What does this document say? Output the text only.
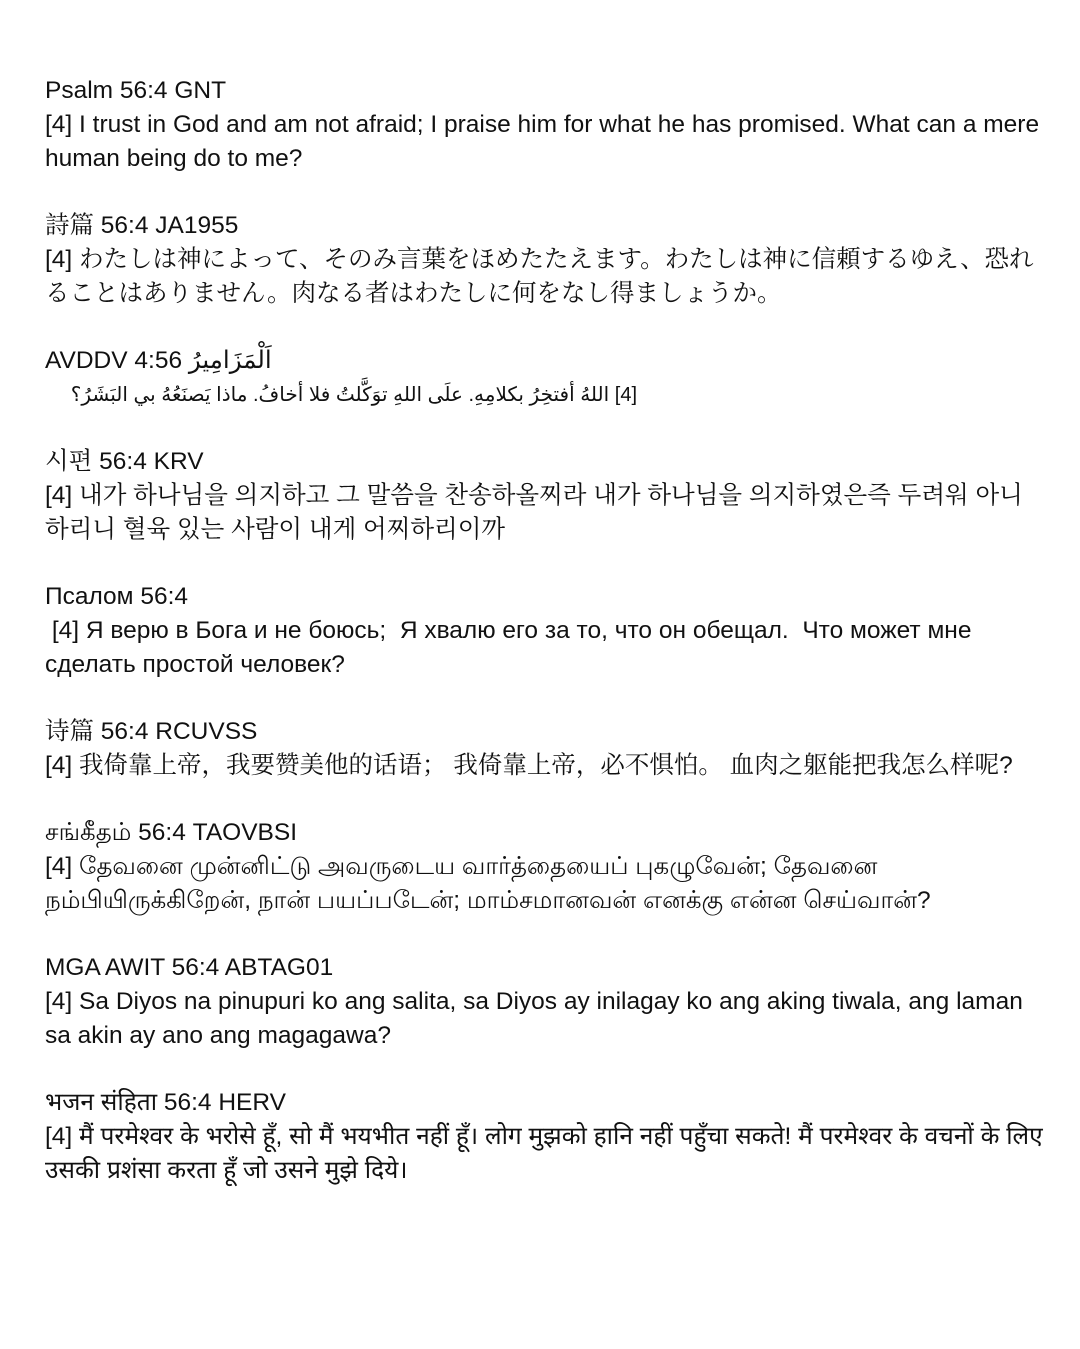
Psalm 56:4 GNT

[4] I trust in God and am not afraid; I praise him for what he has promised. What can a mere human being do to me?

詩篇 56:4 JA1955

[4] わたしは神によって、そのみ言葉をほめたたえます。わたしは神に信頼するゆえ、恐れることはありません。肉なる者はわたしに何をなし得ましょうか。

AVDDV 4:56 اَلْمَزَامِيرُ

[4] اللهُ أفتخِرُ بكلامِهِ. علَى اللهِ توَكَّلتُ فلا أخافُ. ماذا يَصنَعُهُ بي البَشَرُ؟

시편 56:4 KRV

[4] 내가 하나님을 의지하고 그 말씀을 찬송하올찌라 내가 하나님을 의지하였은즉 두려워 아니하리니 혈육 있는 사람이 내게 어찌하리이까

Псалом 56:4

[4] Я верю в Бога и не боюсь;  Я хвалю его за то, что он обещал.  Что может мне сделать простой человек?

诗篇 56:4 RCUVSS

[4] 我倚靠上帝，我要赞美他的话语； 我倚靠上帝，必不惧怕。 血肉之躯能把我怎么样呢?

சங்கீதம் 56:4 TAOVBSI

[4] தேவனை முன்னிட்டு அவருடைய வார்த்தையைப் புகழுவேன்; தேவனை நம்பியிருக்கிறேன், நான் பயப்படேன்; மாம்சமானவன் எனக்கு என்ன செய்வான்?

MGA AWIT 56:4 ABTAG01

[4] Sa Diyos na pinupuri ko ang salita, sa Diyos ay inilagay ko ang aking tiwala, ang laman sa akin ay ano ang magagawa?

भजन संहिता 56:4 HERV

[4] मैं परमेश्वर के भरोसे हूँ, सो मैं भयभीत नहीं हूँ। लोग मुझको हानि नहीं पहुँचा सकते! मैं परमेश्वर के वचनों के लिए उसकी प्रशंसा करता हूँ जो उसने मुझे दिये।
